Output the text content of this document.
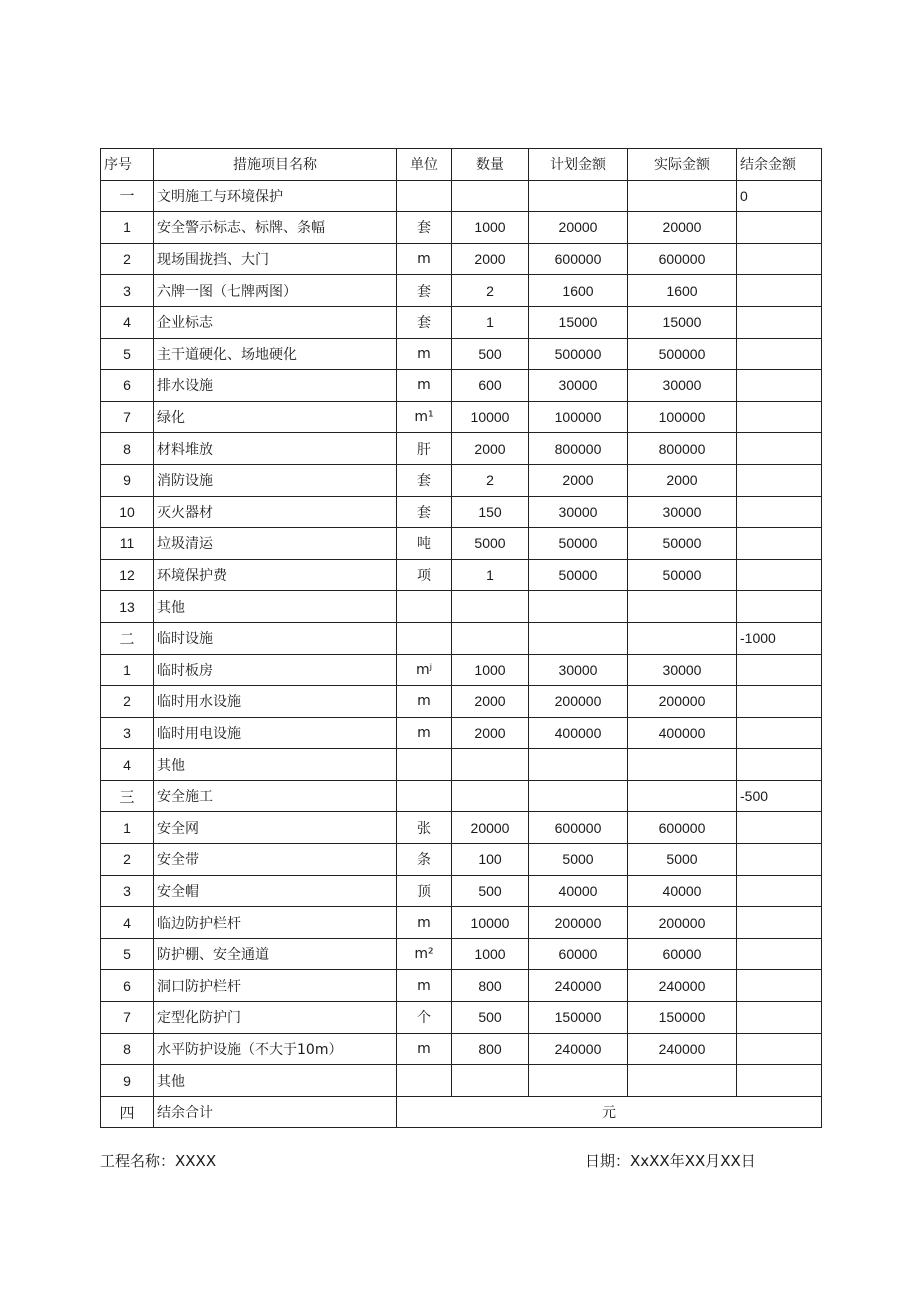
序号	措施项目名称	单位	数量	计划金额	实际金额	结余金额
一	文明施工与环境保护					0
1	安全警示标志、标牌、条幅	套	1000	20000	20000	
2	现场围拢挡、大门	m	2000	600000	600000	
3	六牌一图（七牌两图）	套	2	1600	1600	
4	企业标志	套	1	15000	15000	
5	主干道硬化、场地硬化	m	500	500000	500000	
6	排水设施	m	600	30000	30000	
7	绿化	m¹	10000	100000	100000	
8	材料堆放	肝	2000	800000	800000	
9	消防设施	套	2	2000	2000	
10	灭火器材	套	150	30000	30000	
11	垃圾清运	吨	5000	50000	50000	
12	环境保护费	项	1	50000	50000	
13	其他					
二	临时设施					-1000
1	临时板房	mʲ	1000	30000	30000	
2	临时用水设施	m	2000	200000	200000	
3	临时用电设施	m	2000	400000	400000	
4	其他					
三	安全施工					-500
1	安全网	张	20000	600000	600000	
2	安全带	条	100	5000	5000	
3	安全帽	顶	500	40000	40000	
4	临边防护栏杆	m	10000	200000	200000	
5	防护棚、安全通道	m²	1000	60000	60000	
6	洞口防护栏杆	m	800	240000	240000	
7	定型化防护门	个	500	150000	150000	
8	水平防护设施（不大于10m）	m	800	240000	240000	
9	其他					
四	结余合计	元				
工程名称：XXXX	日期：XxXX年XX月XX日
